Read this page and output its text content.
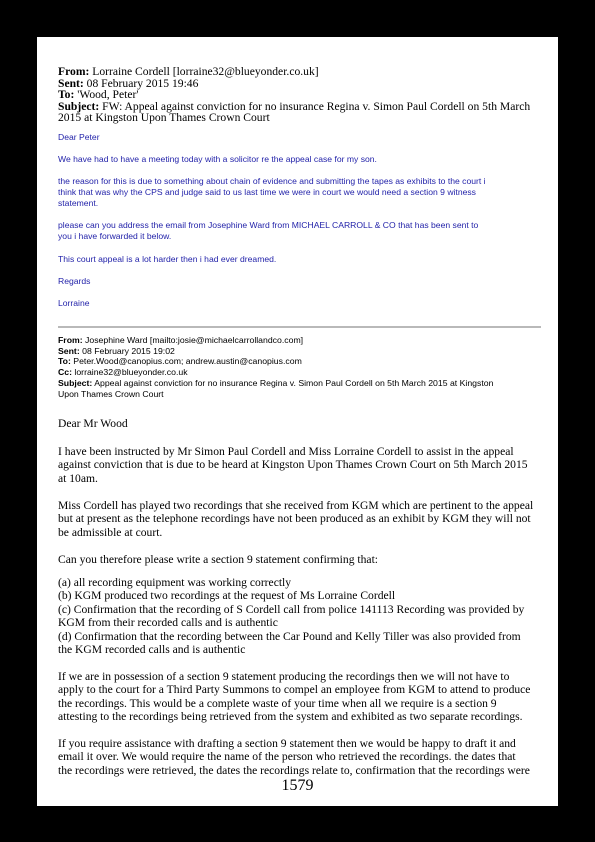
From: Lorraine Cordell [lorraine32@blueyonder.co.uk]
Sent: 08 February 2015 19:46
To: 'Wood, Peter'
Subject: FW: Appeal against conviction for no insurance Regina v. Simon Paul Cordell on 5th March
2015 at Kingston Upon Thames Crown Court

Dear Peter

We have had to have a meeting today with a solicitor re the appeal case for my son.

the reason for this is due to something about chain of evidence and submitting the tapes as exhibits to the court i

think that was why the CPS and judge said to us last time we were in court we would need a section 9 witness

statement.

please can you address the email from Josephine Ward from MICHAEL CARROLL & CO that has been sent to

you i have forwarded it below.

This court appeal is a lot harder then i had ever dreamed.

Regards

Lorraine

From: Josephine Ward [mailto:josie@michaelcarrollandco.com]
Sent: 08 February 2015 19:02
To: Peter.Wood@canopius.com; andrew.austin@canopius.com
Cc: lorraine32@blueyonder.co.uk
Subject: Appeal against conviction for no insurance Regina v. Simon Paul Cordell on 5th March 2015 at Kingston
Upon Thames Crown Court

Dear Mr Wood

I have been instructed by Mr Simon Paul Cordell and Miss Lorraine Cordell to assist in the appeal

against conviction that is due to be heard at Kingston Upon Thames Crown Court on 5th March 2015

at 10am.

Miss Cordell has played two recordings that she received from KGM which are pertinent to the appeal

but at present as the telephone recordings have not been produced as an exhibit by KGM they will not

be admissible at court.

Can you therefore please write a section 9 statement confirming that:

(a) all recording equipment was working correctly

(b) KGM produced two recordings at the request of Ms Lorraine Cordell

(c) Confirmation that the recording of S Cordell call from police 141113 Recording was provided by

KGM from their recorded calls and is authentic

(d) Confirmation that the recording between the Car Pound and Kelly Tiller was also provided from

the KGM recorded calls and is authentic

If we are in possession of a section 9 statement producing the recordings then we will not have to

apply to the court for a Third Party Summons to compel an employee from KGM to attend to produce

the recordings. This would be a complete waste of your time when all we require is a section 9

attesting to the recordings being retrieved from the system and exhibited as two separate recordings.

If you require assistance with drafting a section 9 statement then we would be happy to draft it and

email it over. We would require the name of the person who retrieved the recordings. the dates that

the recordings were retrieved, the dates the recordings relate to, confirmation that the recordings were

1579
